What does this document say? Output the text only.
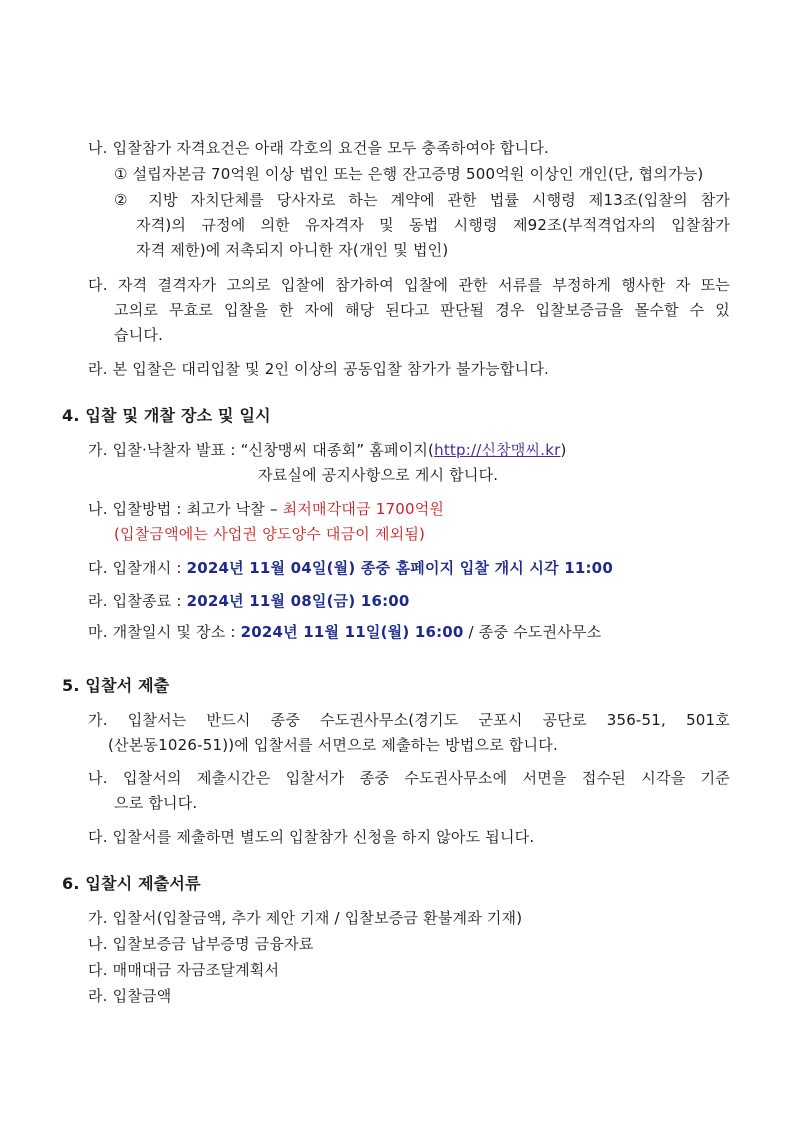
나. 입찰참가 자격요건은 아래 각호의 요건을 모두 충족하여야 합니다.
① 설립자본금 70억원 이상 법인 또는 은행 잔고증명 500억원 이상인 개인(단, 협의가능)
② 지방 자치단체를 당사자로 하는 계약에 관한 법률 시행령 제13조(입찰의 참가
자격)의 규정에 의한 유자격자 및 동법 시행령 제92조(부적격업자의 입찰참가
자격 제한)에 저촉되지 아니한 자(개인 및 법인)
다. 자격 결격자가 고의로 입찰에 참가하여 입찰에 관한 서류를 부정하게 행사한 자 또는
고의로 무효로 입찰을 한 자에 해당 된다고 판단될 경우 입찰보증금을 몰수할 수 있
습니다.
라. 본 입찰은 대리입찰 및 2인 이상의 공동입찰 참가가 불가능합니다.
4. 입찰 및 개찰 장소 및 일시
가. 입찰·낙찰자 발표 : “신창맹씨 대종회” 홈페이지(http://신창맹씨.kr)
자료실에 공지사항으로 게시 합니다.
나. 입찰방법 : 최고가 낙찰 – 최저매각대금 1700억원
(입찰금액에는 사업권 양도양수 대금이 제외됨)
다. 입찰개시 : 2024년 11월 04일(월) 종중 홈페이지 입찰 개시 시각 11:00
라. 입찰종료 : 2024년 11월 08일(금) 16:00
마. 개찰일시 및 장소 : 2024년 11월 11일(월) 16:00 / 종중 수도권사무소
5. 입찰서 제출
가. 입찰서는 반드시 종중 수도권사무소(경기도 군포시 공단로 356-51, 501호
(산본동1026-51))에 입찰서를 서면으로 제출하는 방법으로 합니다.
나. 입찰서의 제출시간은 입찰서가 종중 수도권사무소에 서면을 접수된 시각을 기준
으로 합니다.
다. 입찰서를 제출하면 별도의 입찰참가 신청을 하지 않아도 됩니다.
6. 입찰시 제출서류
가. 입찰서(입찰금액, 추가 제안 기재 / 입찰보증금 환불계좌 기재)
나. 입찰보증금 납부증명 금융자료
다. 매매대금 자금조달계획서
라. 입찰금액
